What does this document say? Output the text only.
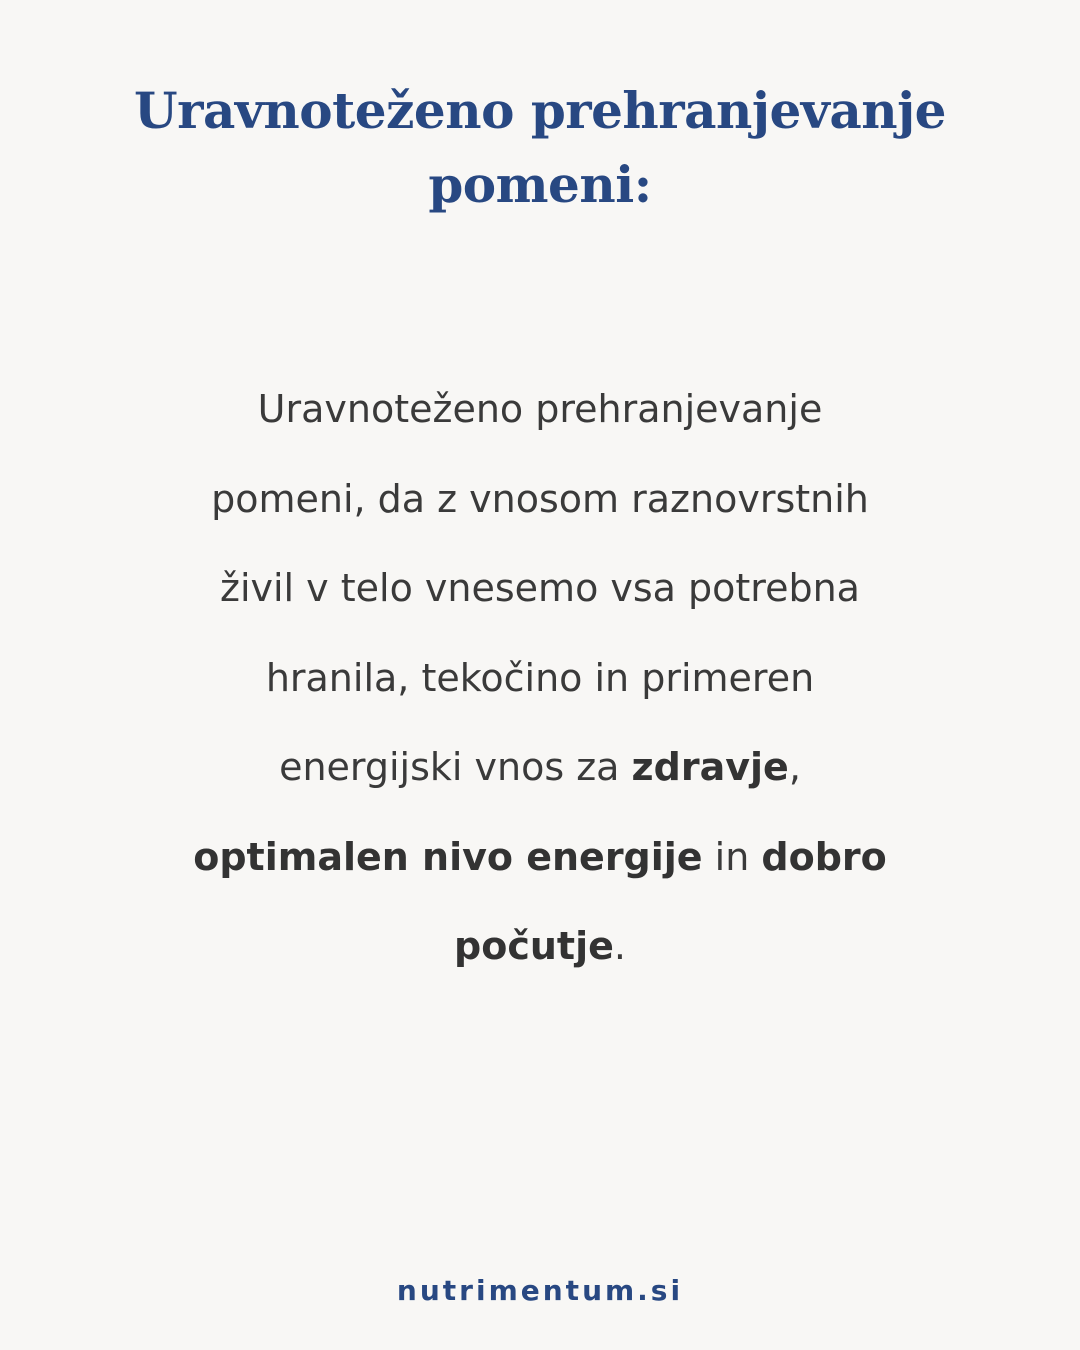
Uravnoteženo prehranjevanje
pomeni:

Uravnoteženo prehranjevanje
pomeni, da z vnosom raznovrstnih
živil v telo vnesemo vsa potrebna
hranila, tekočino in primeren
energijski vnos za zdravje,
optimalen nivo energije in dobro
počutje.

nutrimentum.si
